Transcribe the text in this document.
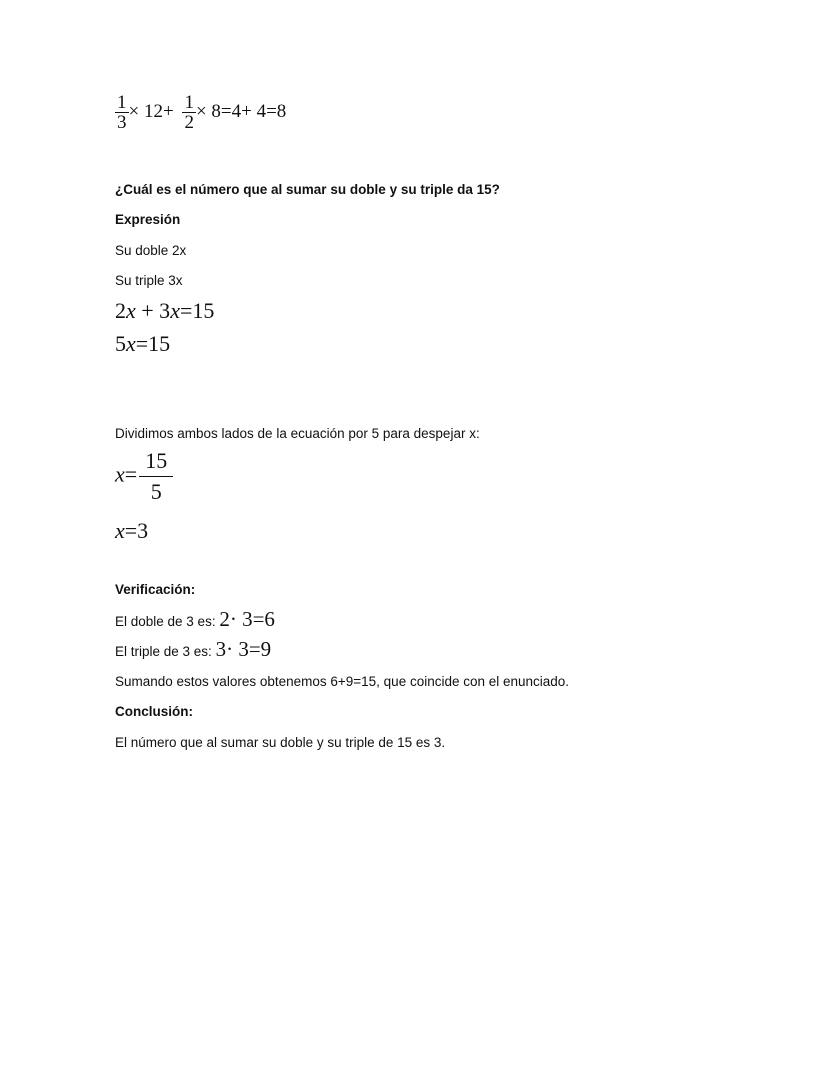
$\frac{1}{3} \times 12+ \frac{1}{2} \times 8=4+ 4=8$
¿Cuál es el número que al sumar su doble y su triple da 15?
Expresión
Su doble 2x
Su triple 3x
2x + 3x=15
5x=15
Dividimos ambos lados de la ecuación por 5 para despejar x:
$x= \frac{15}{5}$
x=3
Verificación:
El doble de 3 es: 2· 3=6
El triple de 3 es: 3· 3=9
Sumando estos valores obtenemos 6+9=15, que coincide con el enunciado.
Conclusión:
El número que al sumar su doble y su triple de 15 es 3.
